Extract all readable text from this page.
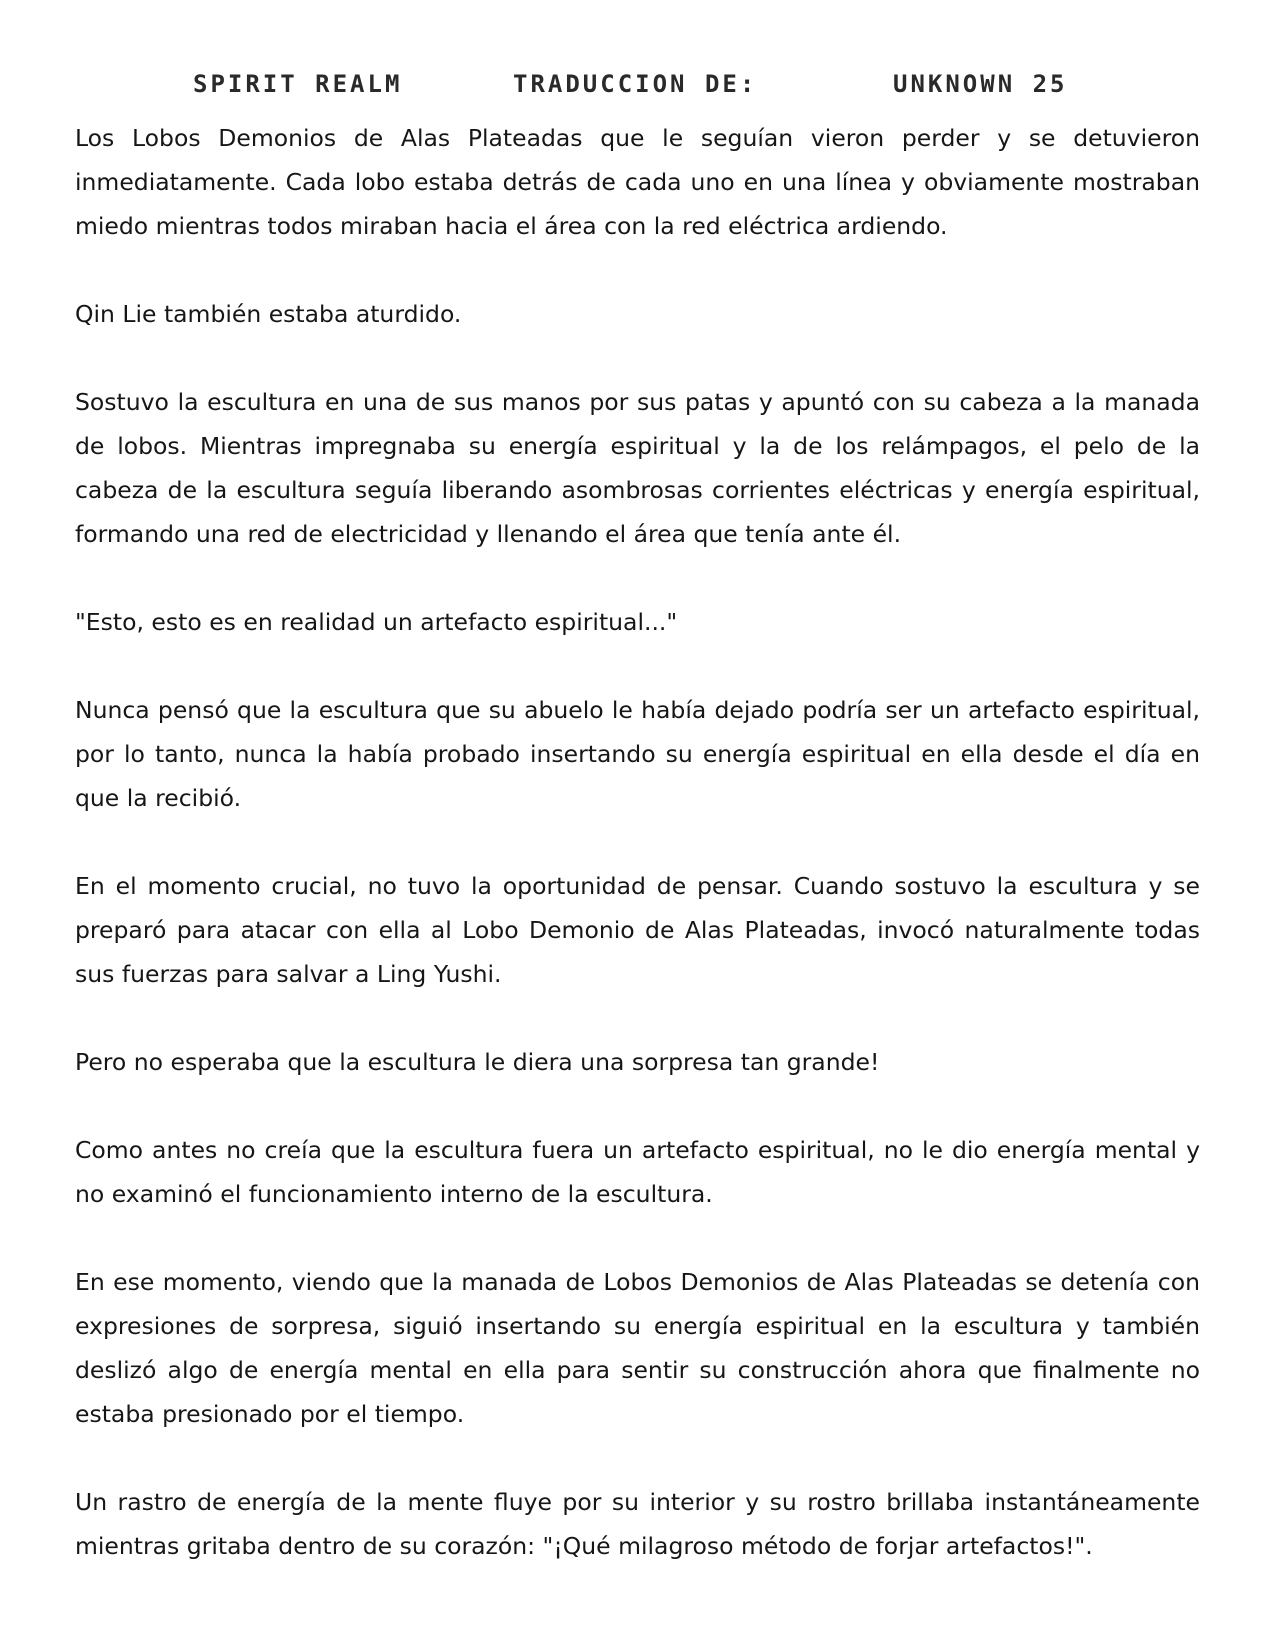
SPIRIT REALM	TRADUCCION DE:	UNKNOWN 25

Los Lobos Demonios de Alas Plateadas que le seguían vieron perder y se detuvieron inmediatamente. Cada lobo estaba detrás de cada uno en una línea y obviamente mostraban miedo mientras todos miraban hacia el área con la red eléctrica ardiendo.

Qin Lie también estaba aturdido.

Sostuvo la escultura en una de sus manos por sus patas y apuntó con su cabeza a la manada de lobos. Mientras impregnaba su energía espiritual y la de los relámpagos, el pelo de la cabeza de la escultura seguía liberando asombrosas corrientes eléctricas y energía espiritual, formando una red de electricidad y llenando el área que tenía ante él.

"Esto, esto es en realidad un artefacto espiritual..."

Nunca pensó que la escultura que su abuelo le había dejado podría ser un artefacto espiritual, por lo tanto, nunca la había probado insertando su energía espiritual en ella desde el día en que la recibió.

En el momento crucial, no tuvo la oportunidad de pensar. Cuando sostuvo la escultura y se preparó para atacar con ella al Lobo Demonio de Alas Plateadas, invocó naturalmente todas sus fuerzas para salvar a Ling Yushi.

Pero no esperaba que la escultura le diera una sorpresa tan grande!

Como antes no creía que la escultura fuera un artefacto espiritual, no le dio energía mental y no examinó el funcionamiento interno de la escultura.

En ese momento, viendo que la manada de Lobos Demonios de Alas Plateadas se detenía con expresiones de sorpresa, siguió insertando su energía espiritual en la escultura y también deslizó algo de energía mental en ella para sentir su construcción ahora que finalmente no estaba presionado por el tiempo.

Un rastro de energía de la mente fluye por su interior y su rostro brillaba instantáneamente mientras gritaba dentro de su corazón: "¡Qué milagroso método de forjar artefactos!".
